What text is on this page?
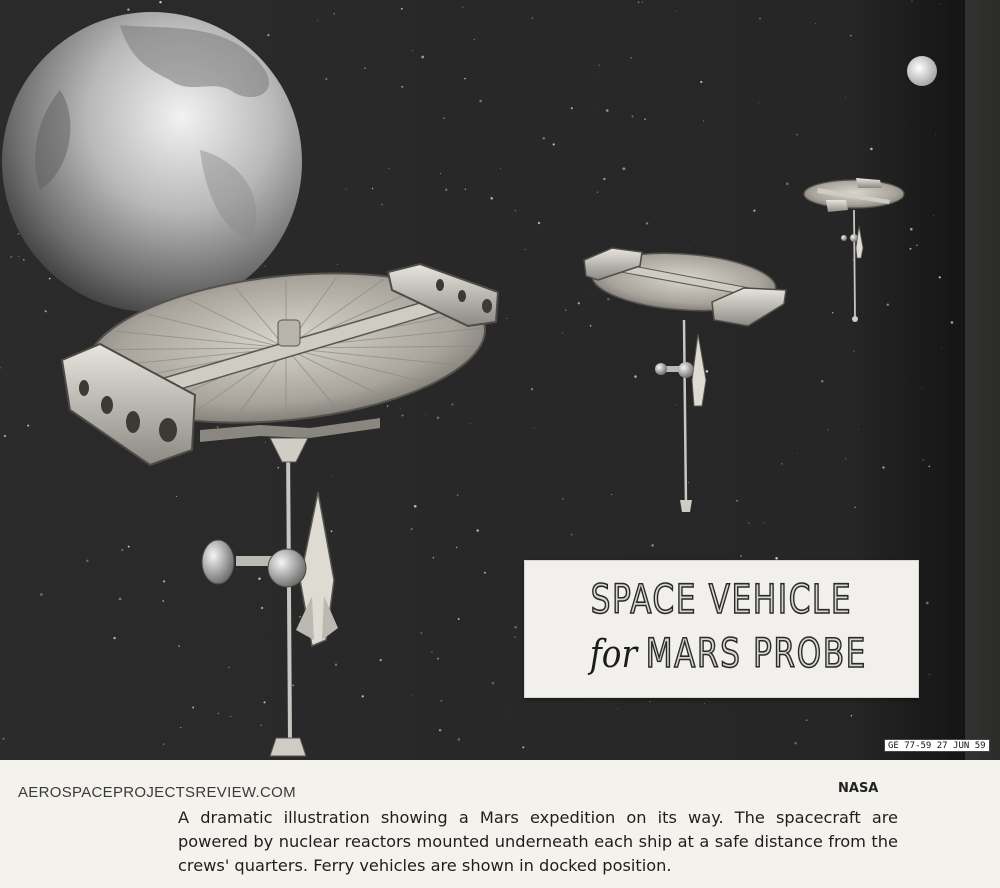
SPACE VEHICLE
for MARS PROBE
GE 77-59 27 JUN 59
AEROSPACEPROJECTSREVIEW.COM	NASA
A dramatic illustration showing a Mars expedition on its way. The spacecraft are powered by nuclear reactors mounted underneath each ship at a safe distance from the crews' quarters. Ferry vehicles are shown in docked position.
